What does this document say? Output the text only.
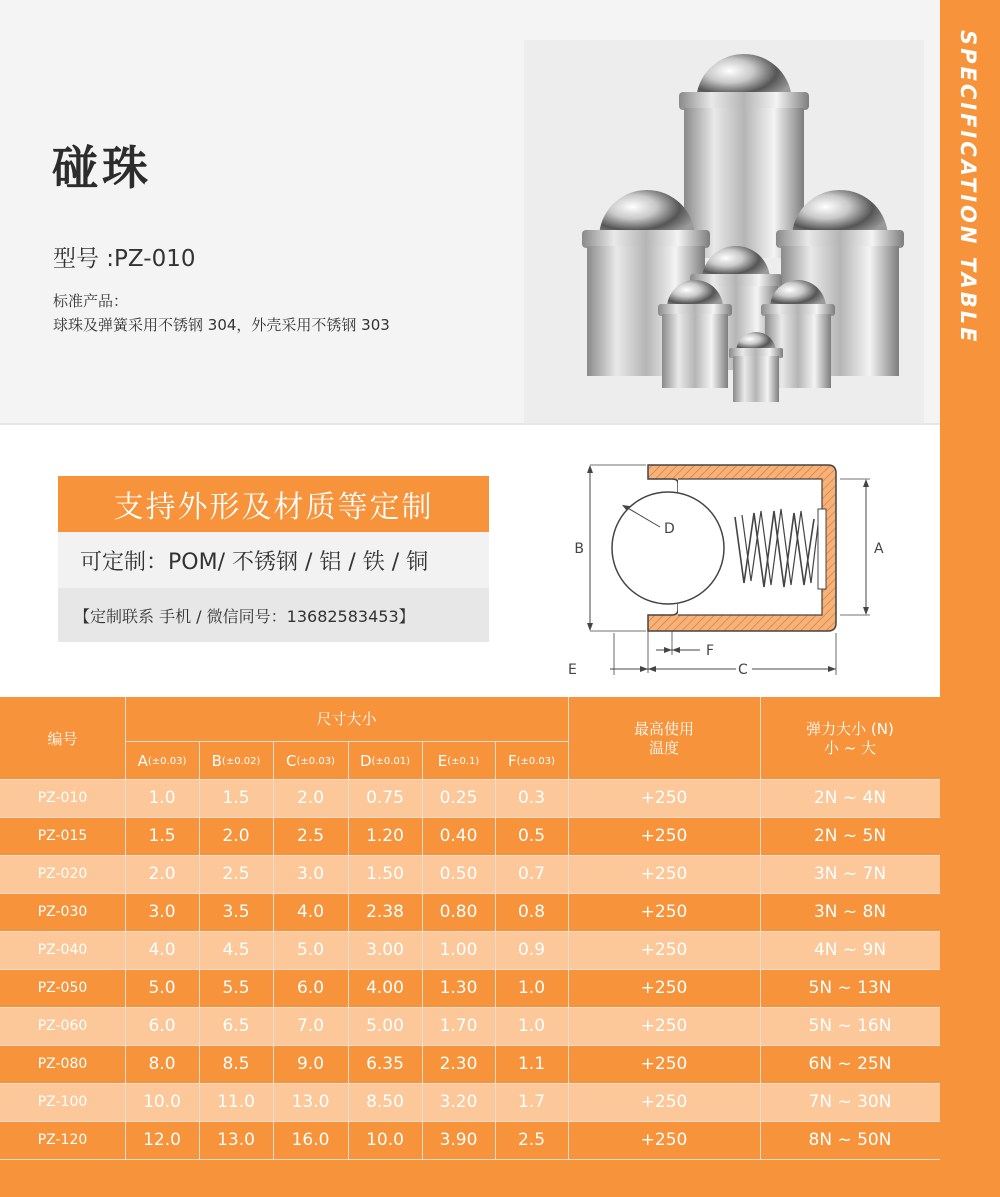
SPECIFICATION TABLE
碰珠
型号 :PZ-010
标准产品：
球珠及弹簧采用不锈钢 304，外壳采用不锈钢 303
支持外形及材质等定制
可定制：POM/ 不锈钢 / 铝 / 铁 / 铜
【定制联系 手机 / 微信同号：13682583453】
D
B	A
F
E	C
编号
尺寸大小
最高使用
温度
弹力大小 (N)
小 ~ 大
A (±0.03) B (±0.02) C (±0.03) D (±0.01) E (±0.1) F (±0.03)
PZ-010	1.0	1.5	2.0	0.75	0.25	0.3	+250	2N ~ 4N
PZ-015	1.5	2.0	2.5	1.20	0.40	0.5	+250	2N ~ 5N
PZ-020	2.0	2.5	3.0	1.50	0.50	0.7	+250	3N ~ 7N
PZ-030	3.0	3.5	4.0	2.38	0.80	0.8	+250	3N ~ 8N
PZ-040	4.0	4.5	5.0	3.00	1.00	0.9	+250	4N ~ 9N
PZ-050	5.0	5.5	6.0	4.00	1.30	1.0	+250	5N ~ 13N
PZ-060	6.0	6.5	7.0	5.00	1.70	1.0	+250	5N ~ 16N
PZ-080	8.0	8.5	9.0	6.35	2.30	1.1	+250	6N ~ 25N
PZ-100	10.0	11.0	13.0	8.50	3.20	1.7	+250	7N ~ 30N
PZ-120	12.0	13.0	16.0	10.0	3.90	2.5	+250	8N ~ 50N
